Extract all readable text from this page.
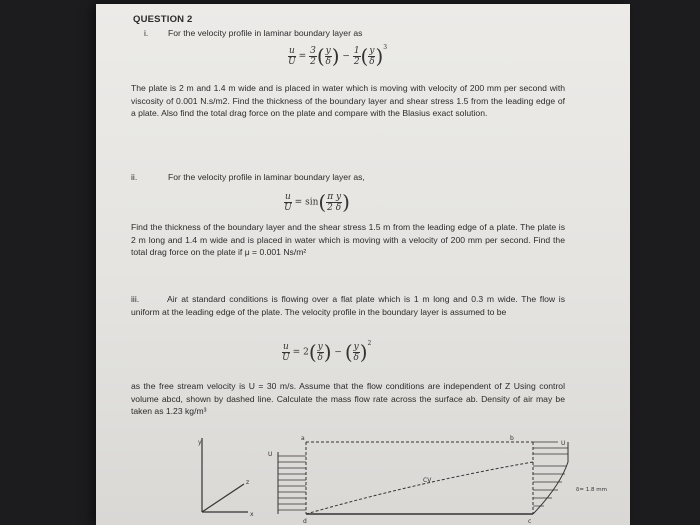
QUESTION 2
i. For the velocity profile in laminar boundary layer as
$\frac{u}{U} = \frac{3}{2}$ ( $\frac{y}{\delta}$ ) − $\frac{1}{2}$ ( $\frac{y}{\delta} )^3$
The plate is 2 m and 1.4 m wide and is placed in water which is moving with velocity of 200 mm per second with viscosity of 0.001 N.s/m2. Find the thickness of the boundary layer and shear stress 1.5 from the leading edge of a plate. Also find the total drag force on the plate and compare with the Blasius exact solution.
ii.	For the velocity profile in laminar boundary layer as,
$\frac{u}{U} = \sin( \frac{\text{π y}}{2 \delta}$ )
Find the thickness of the boundary layer and the shear stress 1.5 m from the leading edge of a plate. The plate is 2 m long and 1.4 m wide and is placed in water which is moving with a velocity of 200 mm per second. Find the total drag force on the plate if μ = 0.001 Ns/m²
iii.	Air at standard conditions is flowing over a flat plate which is 1 m long and 0.3 m wide. The flow is uniform at the leading edge of the plate. The velocity profile in the boundary layer is assumed to be
$\frac{u}{U} = 2( \frac{y}{\delta}$ ) − ( $\frac{y}{\delta} )^2$
as the free stream velocity is U = 30 m/s. Assume that the flow conditions are independent of Z Using control volume abcd, shown by dashed line. Calculate the mass flow rate across the surface ab. Density of air may be taken as 1.23 kg/m³
y
z
x
U
b
a
CV
U
δ= 1.8 mm
d	c
